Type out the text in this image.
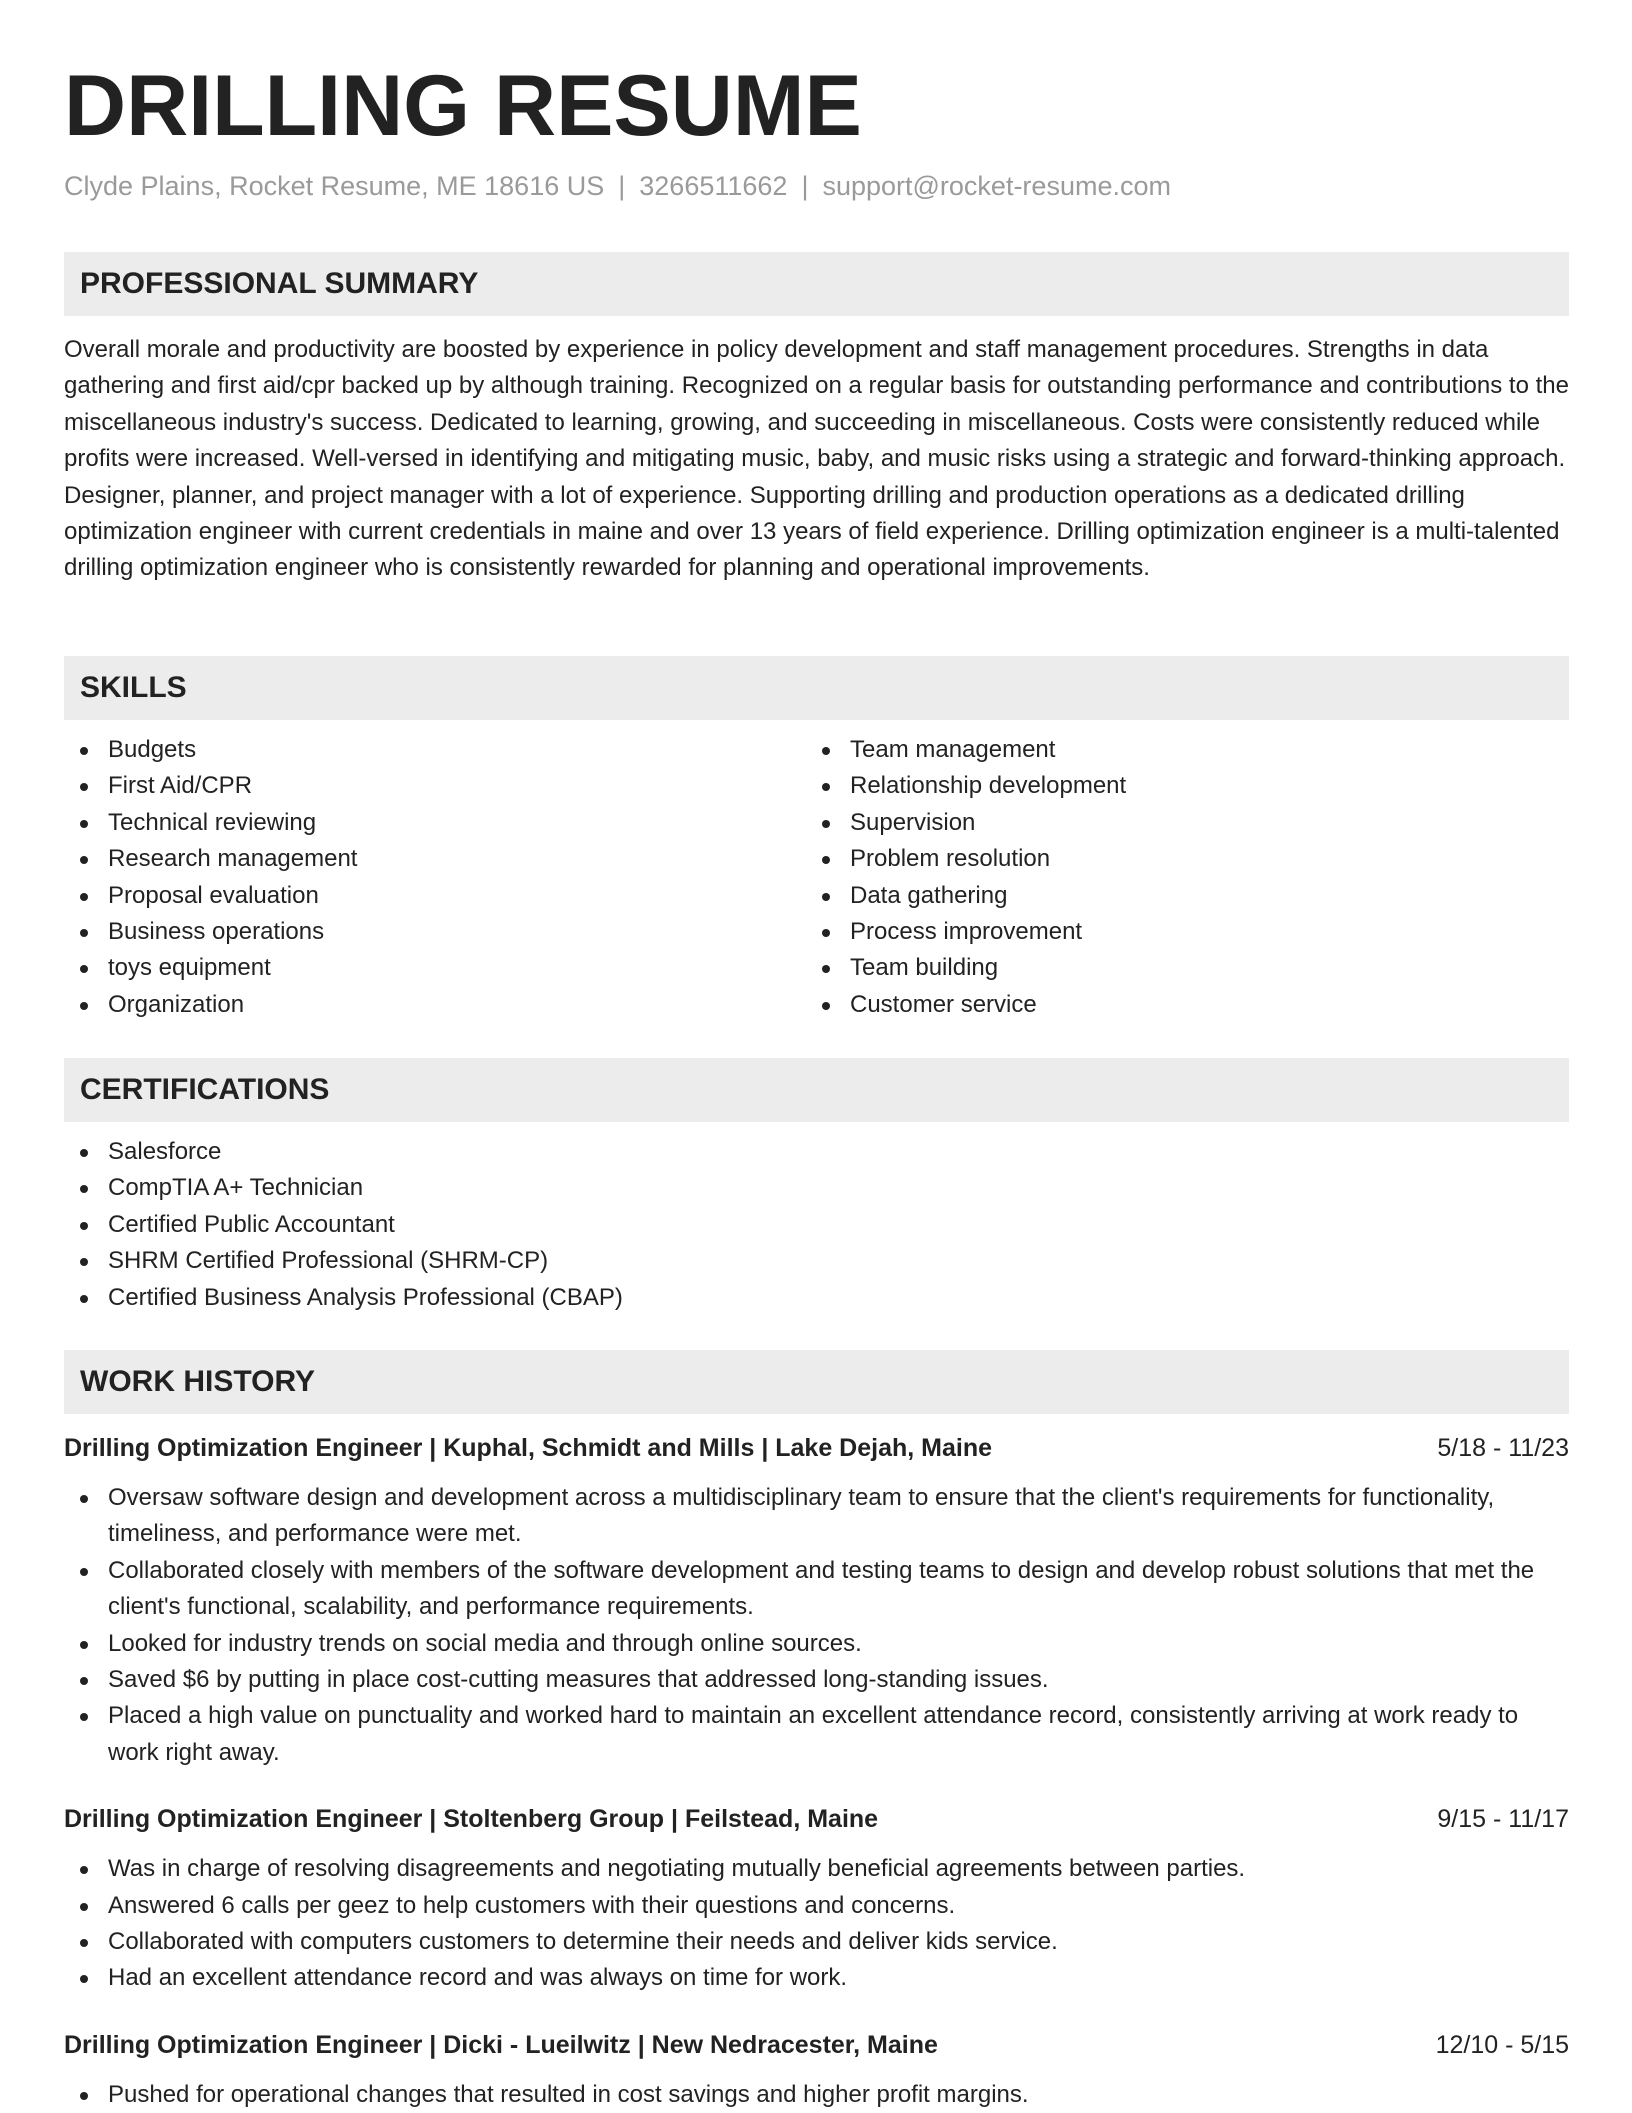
DRILLING RESUME
Clyde Plains, Rocket Resume, ME 18616 US | 3266511662 | support@rocket-resume.com
PROFESSIONAL SUMMARY
Overall morale and productivity are boosted by experience in policy development and staff management procedures. Strengths in data gathering and first aid/cpr backed up by although training. Recognized on a regular basis for outstanding performance and contributions to the miscellaneous industry's success. Dedicated to learning, growing, and succeeding in miscellaneous. Costs were consistently reduced while profits were increased. Well-versed in identifying and mitigating music, baby, and music risks using a strategic and forward-thinking approach. Designer, planner, and project manager with a lot of experience. Supporting drilling and production operations as a dedicated drilling optimization engineer with current credentials in maine and over 13 years of field experience. Drilling optimization engineer is a multi-talented drilling optimization engineer who is consistently rewarded for planning and operational improvements.
SKILLS
Budgets
First Aid/CPR
Technical reviewing
Research management
Proposal evaluation
Business operations
toys equipment
Organization
Team management
Relationship development
Supervision
Problem resolution
Data gathering
Process improvement
Team building
Customer service
CERTIFICATIONS
Salesforce
CompTIA A+ Technician
Certified Public Accountant
SHRM Certified Professional (SHRM-CP)
Certified Business Analysis Professional (CBAP)
WORK HISTORY
Drilling Optimization Engineer | Kuphal, Schmidt and Mills | Lake Dejah, Maine	5/18 - 11/23
Oversaw software design and development across a multidisciplinary team to ensure that the client's requirements for functionality, timeliness, and performance were met.
Collaborated closely with members of the software development and testing teams to design and develop robust solutions that met the client's functional, scalability, and performance requirements.
Looked for industry trends on social media and through online sources.
Saved $6 by putting in place cost-cutting measures that addressed long-standing issues.
Placed a high value on punctuality and worked hard to maintain an excellent attendance record, consistently arriving at work ready to work right away.
Drilling Optimization Engineer | Stoltenberg Group | Feilstead, Maine	9/15 - 11/17
Was in charge of resolving disagreements and negotiating mutually beneficial agreements between parties.
Answered 6 calls per geez to help customers with their questions and concerns.
Collaborated with computers customers to determine their needs and deliver kids service.
Had an excellent attendance record and was always on time for work.
Drilling Optimization Engineer | Dicki - Lueilwitz | New Nedracester, Maine	12/10 - 5/15
Pushed for operational changes that resulted in cost savings and higher profit margins.
